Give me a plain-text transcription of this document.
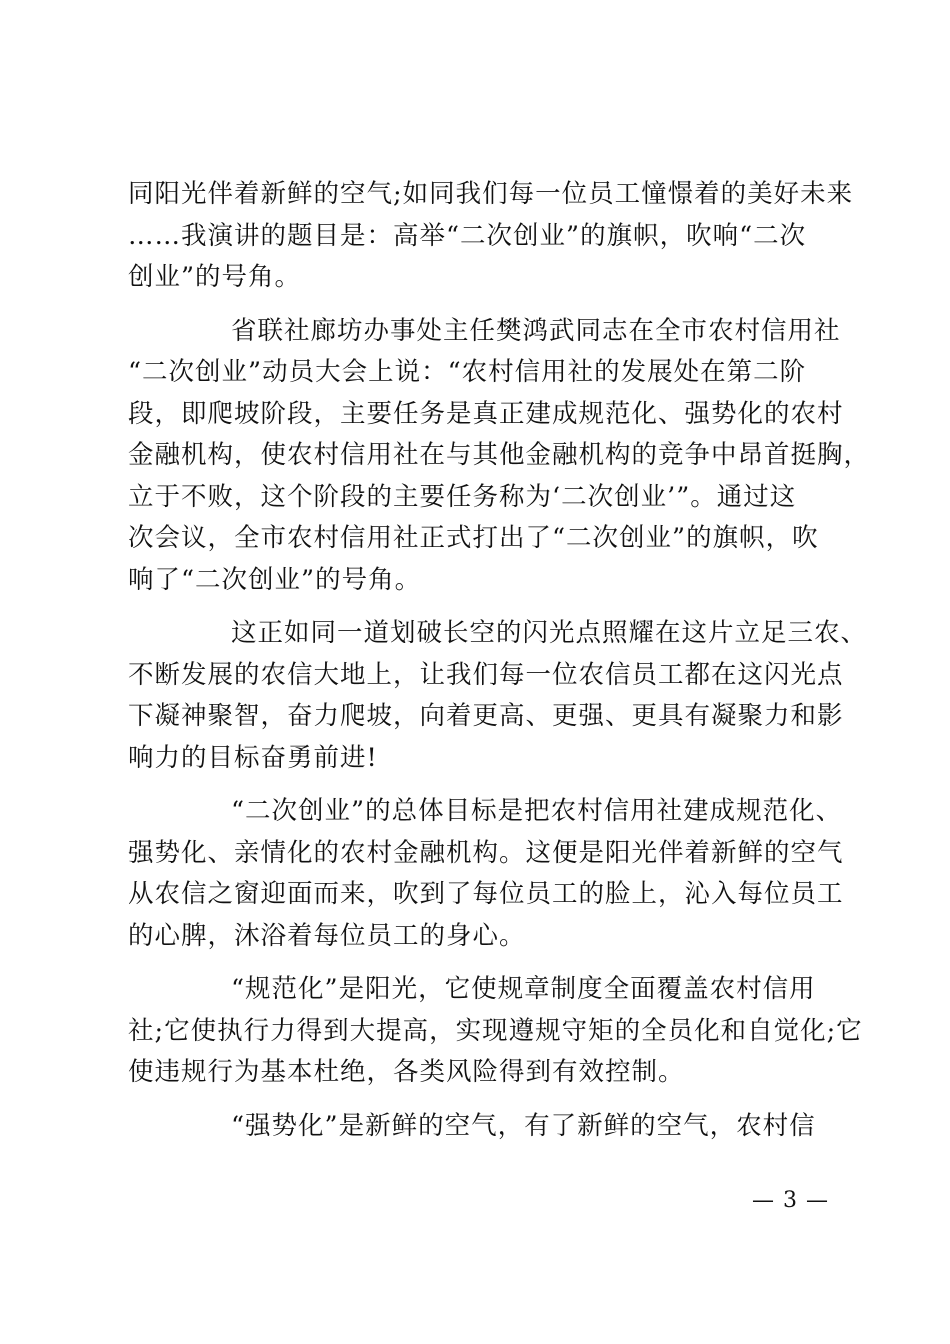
同阳光伴着新鲜的空气;如同我们每一位员工憧憬着的美好未来
……我演讲的题目是：高举“二次创业”的旗帜，吹响“二次
创业”的号角。

省联社廊坊办事处主任樊鸿武同志在全市农村信用社
“二次创业”动员大会上说：“农村信用社的发展处在第二阶
段，即爬坡阶段，主要任务是真正建成规范化、强势化的农村
金融机构，使农村信用社在与其他金融机构的竞争中昂首挺胸，
立于不败，这个阶段的主要任务称为‘二次创业’”。通过这
次会议，全市农村信用社正式打出了“二次创业”的旗帜，吹
响了“二次创业”的号角。

这正如同一道划破长空的闪光点照耀在这片立足三农、
不断发展的农信大地上，让我们每一位农信员工都在这闪光点
下凝神聚智，奋力爬坡，向着更高、更强、更具有凝聚力和影
响力的目标奋勇前进!

“二次创业”的总体目标是把农村信用社建成规范化、
强势化、亲情化的农村金融机构。这便是阳光伴着新鲜的空气
从农信之窗迎面而来，吹到了每位员工的脸上，沁入每位员工
的心脾，沐浴着每位员工的身心。

“规范化”是阳光，它使规章制度全面覆盖农村信用
社;它使执行力得到大提高，实现遵规守矩的全员化和自觉化;它
使违规行为基本杜绝，各类风险得到有效控制。

“强势化”是新鲜的空气，有了新鲜的空气，农村信

— 3 —
